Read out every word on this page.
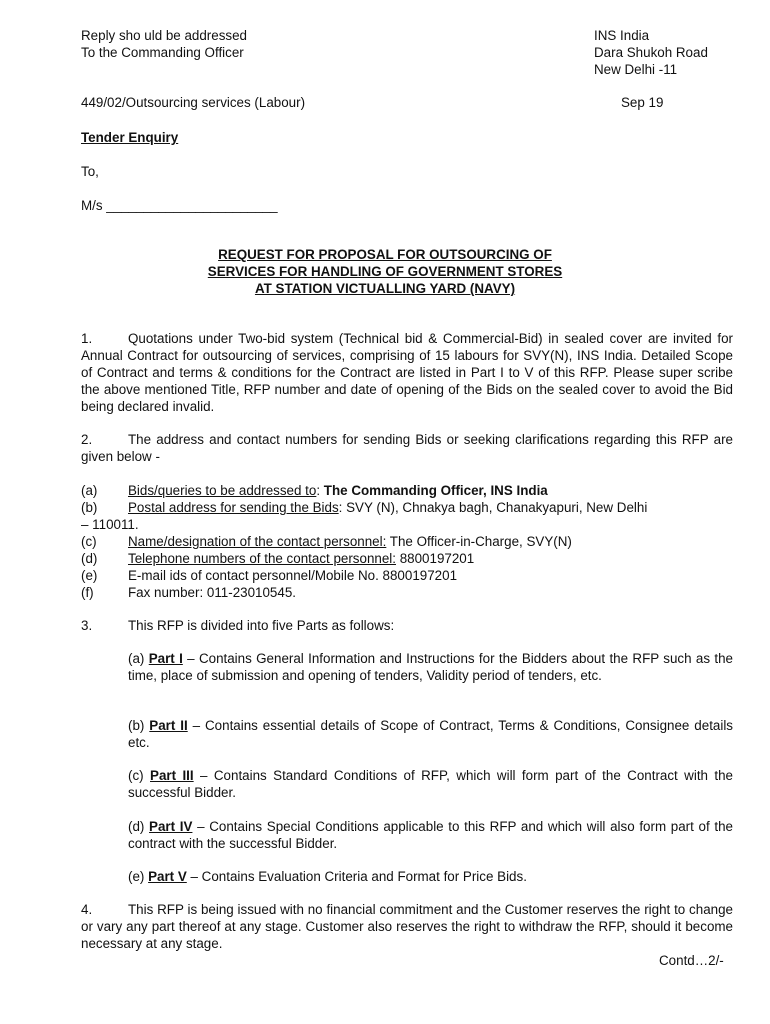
Reply sho uld be addressed
To the Commanding Officer
INS India
Dara Shukoh Road
New Delhi -11
449/02/Outsourcing services (Labour)	Sep 19
Tender Enquiry
To,
M/s _______________________
REQUEST FOR PROPOSAL FOR OUTSOURCING OF
SERVICES FOR HANDLING OF GOVERNMENT STORES
AT STATION VICTUALLING YARD (NAVY)
1.	Quotations under Two-bid system (Technical bid & Commercial-Bid) in sealed cover are invited for Annual Contract for outsourcing of services, comprising of 15 labours for SVY(N), INS India. Detailed Scope of Contract and terms & conditions for the Contract are listed in Part I to V of this RFP. Please super scribe the above mentioned Title, RFP number and date of opening of the Bids on the sealed cover to avoid the Bid being declared invalid.
2.	The address and contact numbers for sending Bids or seeking clarifications regarding this RFP are given below -
(a) Bids/queries to be addressed to: The Commanding Officer, INS India
(b) Postal address for sending the Bids: SVY (N), Chnakya bagh, Chanakyapuri, New Delhi
– 110011.
(c) Name/designation of the contact personnel: The Officer-in-Charge, SVY(N)
(d) Telephone numbers of the contact personnel: 8800197201
(e) E-mail ids of contact personnel/Mobile No. 8800197201
(f)	Fax number: 011-23010545.
3.	This RFP is divided into five Parts as follows:
(a) Part I – Contains General Information and Instructions for the Bidders about the RFP such as the time, place of submission and opening of tenders, Validity period of tenders, etc.
(b) Part II – Contains essential details of Scope of Contract, Terms & Conditions, Consignee details etc.
(c) Part III – Contains Standard Conditions of RFP, which will form part of the Contract with the successful Bidder.
(d) Part IV – Contains Special Conditions applicable to this RFP and which will also form part of the contract with the successful Bidder.
(e) Part V – Contains Evaluation Criteria and Format for Price Bids.
4.	This RFP is being issued with no financial commitment and the Customer reserves the right to change or vary any part thereof at any stage. Customer also reserves the right to withdraw the RFP, should it become necessary at any stage.
Contd…2/-
